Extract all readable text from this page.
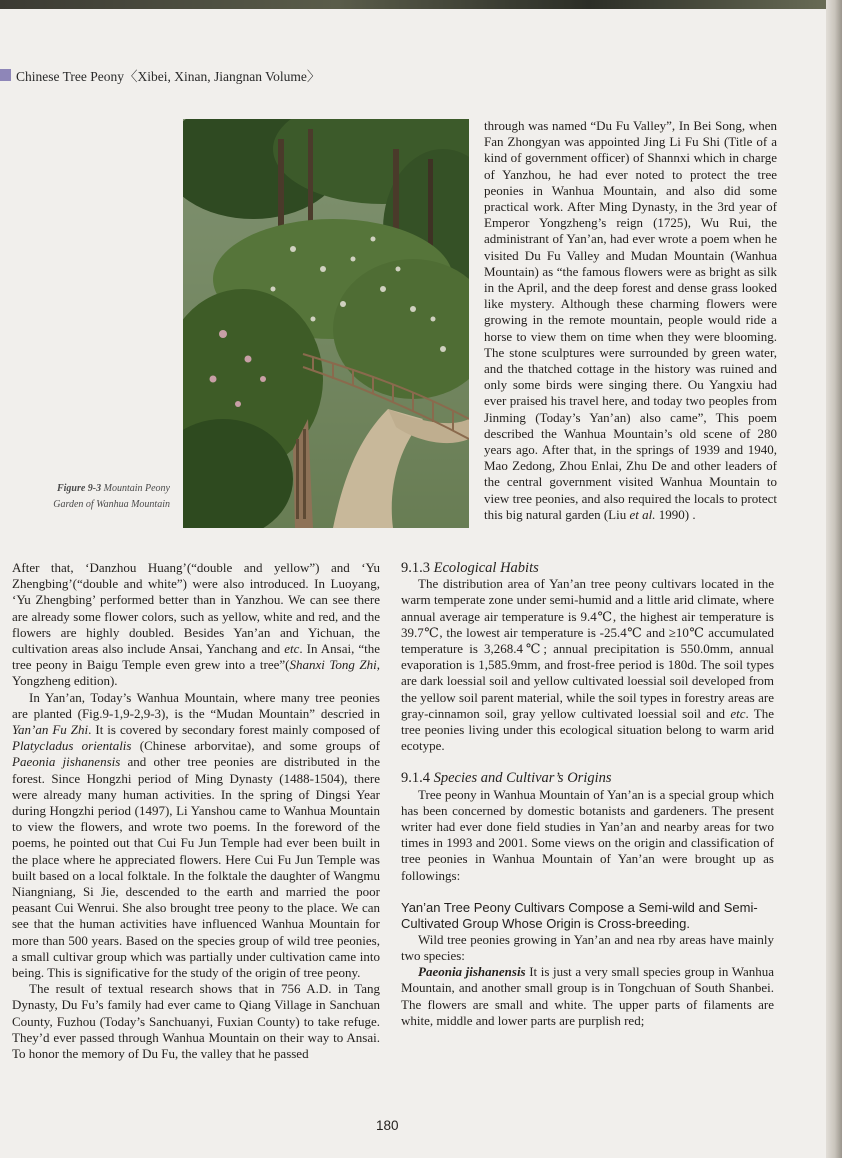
Chinese Tree Peony〈Xibei, Xinan, Jiangnan Volume〉
Figure 9-3 Mountain Peony
Garden of Wanhua Mountain

through was named “Du Fu Valley”, In Bei Song, when Fan Zhongyan was appointed Jing Li Fu Shi (Title of a kind of government officer) of Shannxi which in charge of Yanzhou, he had ever noted to protect the tree peonies in Wanhua Mountain, and also did some practical work. After Ming Dynasty, in the 3rd year of Emperor Yongzheng’s reign (1725), Wu Rui, the administrant of Yan’an, had ever wrote a poem when he visited Du Fu Valley and Mudan Mountain (Wanhua Mountain) as “the famous flowers were as bright as silk in the April, and the deep forest and dense grass looked like mystery. Although these charming flowers were growing in the remote mountain, people would ride a horse to view them on time when they were blooming. The stone sculptures were surrounded by green water, and the thatched cottage in the history was ruined and only some birds were singing there. Ou Yangxiu had ever praised his travel here, and today two peoples from Jinming (Today’s Yan’an) also came”, This poem described the Wanhua Mountain’s old scene of 280 years ago. After that, in the springs of 1939 and 1940, Mao Zedong, Zhou Enlai, Zhu De and other leaders of the central government visited Wanhua Mountain to view tree peonies, and also required the locals to protect this big natural garden (Liu et al. 1990) .

After that, ‘Danzhou Huang’(“double and yellow”) and ‘Yu Zhengbing’(“double and white”) were also introduced. In Luoyang, ‘Yu Zhengbing’ performed better than in Yanzhou. We can see there are already some flower colors, such as yellow, white and red, and the flowers are highly doubled. Besides Yan’an and Yichuan, the cultivation areas also include Ansai, Yanchang and etc. In Ansai, “the tree peony in Baigu Temple even grew into a tree”(Shanxi Tong Zhi, Yongzheng edition).

In Yan’an, Today’s Wanhua Mountain, where many tree peonies are planted (Fig.9-1,9-2,9-3), is the “Mudan Mountain” descried in Yan’an Fu Zhi. It is covered by secondary forest mainly composed of Platycladus orientalis (Chinese arborvitae), and some groups of Paeonia jishanensis and other tree peonies are distributed in the forest. Since Hongzhi period of Ming Dynasty (1488-1504), there were already many human activities. In the spring of Dingsi Year during Hongzhi period (1497), Li Yanshou came to Wanhua Mountain to view the flowers, and wrote two poems. In the foreword of the poems, he pointed out that Cui Fu Jun Temple had ever been built in the place where he appreciated flowers. Here Cui Fu Jun Temple was built based on a local folktale. In the folktale the daughter of Wangmu Niangniang, Si Jie, descended to the earth and married the poor peasant Cui Wenrui. She also brought tree peony to the place. We can see that the human activities have influenced Wanhua Mountain for more than 500 years. Based on the species group of wild tree peonies, a small cultivar group which was partially under cultivation came into being. This is significative for the study of the origin of tree peony.

The result of textual research shows that in 756 A.D. in Tang Dynasty, Du Fu’s family had ever came to Qiang Village in Sanchuan County, Fuzhou (Today’s Sanchuanyi, Fuxian County) to take refuge. They’d ever passed through Wanhua Mountain on their way to Ansai. To honor the memory of Du Fu, the valley that he passed

9.1.3 Ecological Habits

The distribution area of Yan’an tree peony cultivars located in the warm temperate zone under semi-humid and a little arid climate, where annual average air temperature is 9.4℃, the highest air temperature is 39.7℃, the lowest air temperature is -25.4℃ and ≥10℃ accumulated temperature is 3,268.4℃; annual precipitation is 550.0mm, annual evaporation is 1,585.9mm, and frost-free period is 180d. The soil types are dark loessial soil and yellow cultivated loessial soil developed from the yellow soil parent material, while the soil types in forestry areas are gray-cinnamon soil, gray yellow cultivated loessial soil and etc. The tree peonies living under this ecological situation belong to warm arid ecotype.

9.1.4 Species and Cultivar’s Origins

Tree peony in Wanhua Mountain of Yan’an is a special group which has been concerned by domestic botanists and gardeners. The present writer had ever done field studies in Yan’an and nearby areas for two times in 1993 and 2001. Some views on the origin and classification of tree peonies in Wanhua Mountain of Yan’an were brought up as followings:

Yan’an Tree Peony Cultivars Compose a Semi-wild and Semi-Cultivated Group Whose Origin is Cross-breeding.

Wild tree peonies growing in Yan’an and nea rby areas have mainly two species:

Paeonia jishanensis It is just a very small species group in Wanhua Mountain, and another small group is in Tongchuan of South Shanbei. The flowers are small and white. The upper parts of filaments are white, middle and lower parts are purplish red;

180
